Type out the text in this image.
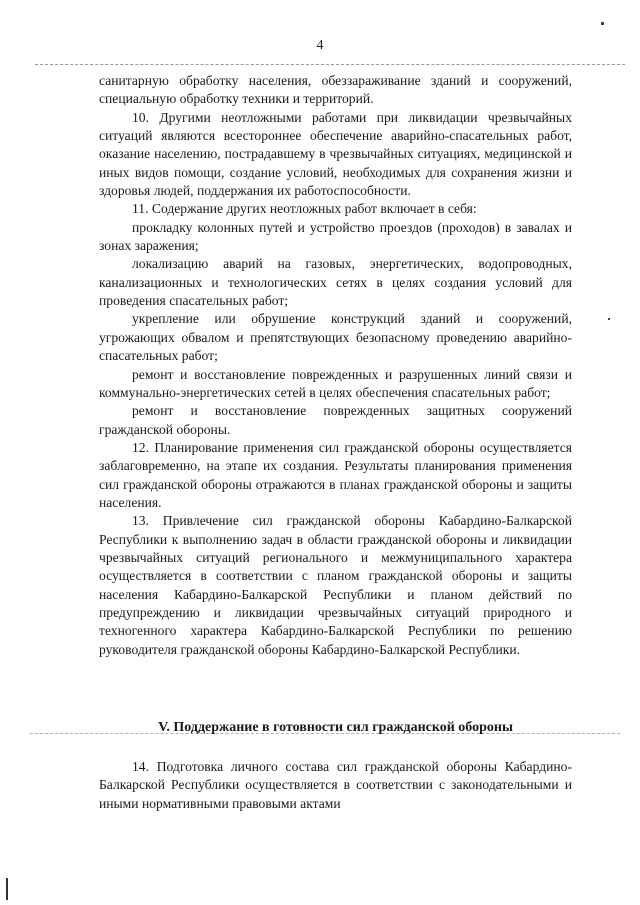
4

санитарную обработку населения, обеззараживание зданий и сооружений, специальную обработку техники и территорий.

10. Другими неотложными работами при ликвидации чрезвычайных ситуаций являются всестороннее обеспечение аварийно-спасательных работ, оказание населению, пострадавшему в чрезвычайных ситуациях, медицинской и иных видов помощи, создание условий, необходимых для сохранения жизни и здоровья людей, поддержания их работоспособности.

11. Содержание других неотложных работ включает в себя:

прокладку колонных путей и устройство проездов (проходов) в завалах и зонах заражения;

локализацию аварий на газовых, энергетических, водопроводных, канализационных и технологических сетях в целях создания условий для проведения спасательных работ;

укрепление или обрушение конструкций зданий и сооружений, угрожающих обвалом и препятствующих безопасному проведению аварийно-спасательных работ;

ремонт и восстановление поврежденных и разрушенных линий связи и коммунально-энергетических сетей в целях обеспечения спасательных работ;

ремонт и восстановление поврежденных защитных сооружений гражданской обороны.

12. Планирование применения сил гражданской обороны осуществляется заблаговременно, на этапе их создания. Результаты планирования применения сил гражданской обороны отражаются в планах гражданской обороны и защиты населения.

13. Привлечение сил гражданской обороны Кабардино-Балкарской Республики к выполнению задач в области гражданской обороны и ликвидации чрезвычайных ситуаций регионального и межмуниципального характера осуществляется в соответствии с планом гражданской обороны и защиты населения Кабардино-Балкарской Республики и планом действий по предупреждению и ликвидации чрезвычайных ситуаций природного и техногенного характера Кабардино-Балкарской Республики по решению руководителя гражданской обороны Кабардино-Балкарской Республики.

V. Поддержание в готовности сил гражданской обороны

14. Подготовка личного состава сил гражданской обороны Кабардино-Балкарской Республики осуществляется в соответствии с законодательными и иными нормативными правовыми актами
